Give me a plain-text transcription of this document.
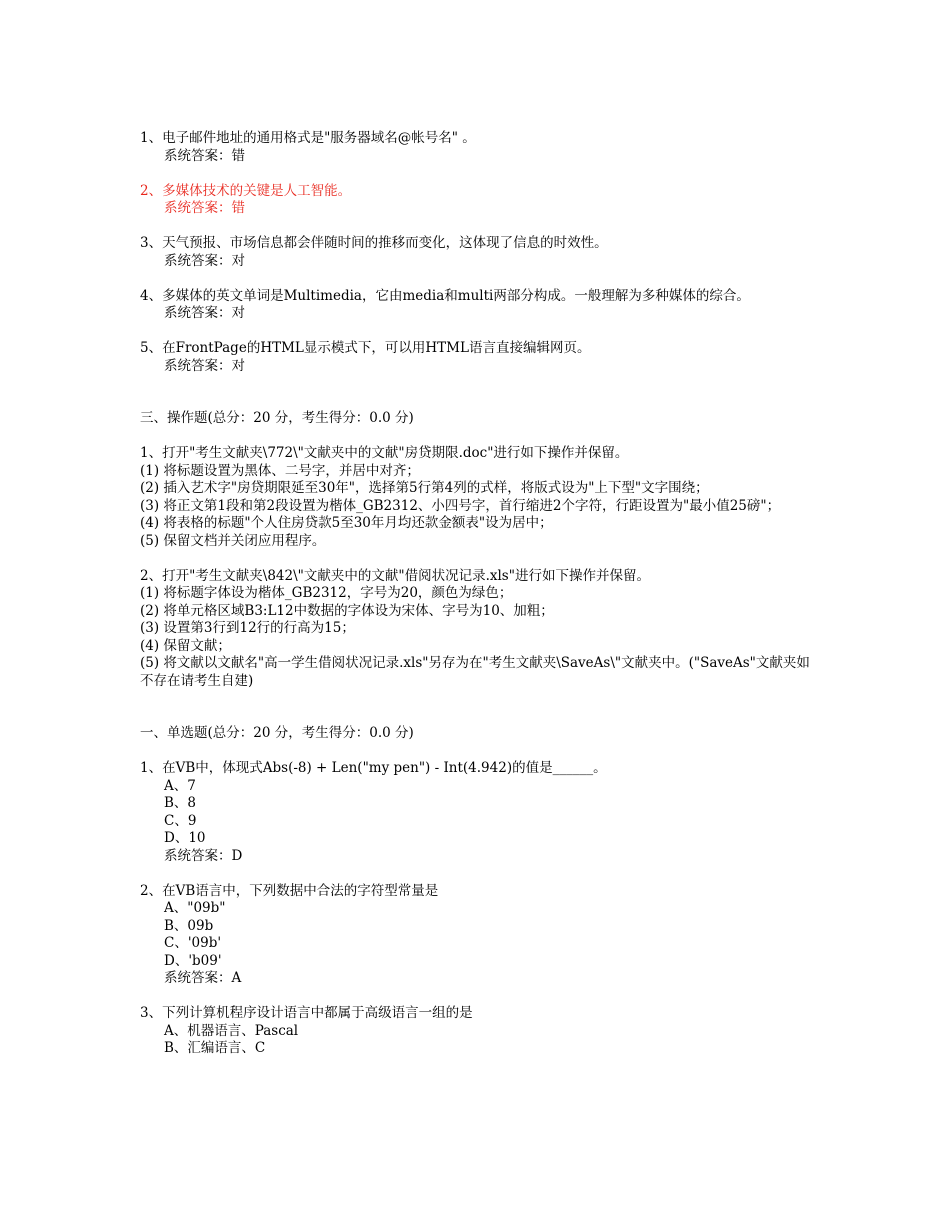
1、电子邮件地址的通用格式是"服务器域名@帐号名" 。

系统答案：错

2、多媒体技术的关键是人工智能。

系统答案：错

3、天气预报、市场信息都会伴随时间的推移而变化，这体现了信息的时效性。

系统答案：对

4、多媒体的英文单词是Multimedia，它由media和multi两部分构成。一般理解为多种媒体的综合。

系统答案：对

5、在FrontPage的HTML显示模式下，可以用HTML语言直接编辑网页。

系统答案：对

三、操作题(总分：20 分，考生得分：0.0 分)

1、打开"考生文献夹\772\"文献夹中的文献"房贷期限.doc"进行如下操作并保留。

(1) 将标题设置为黑体、二号字，并居中对齐；

(2) 插入艺术字"房贷期限延至30年"，选择第5行第4列的式样，将版式设为"上下型"文字围绕；

(3) 将正文第1段和第2段设置为楷体_GB2312、小四号字，首行缩进2个字符，行距设置为"最小值25磅"；

(4) 将表格的标题"个人住房贷款5至30年月均还款金额表"设为居中；

(5) 保留文档并关闭应用程序。

2、打开"考生文献夹\842\"文献夹中的文献"借阅状况记录.xls"进行如下操作并保留。

(1) 将标题字体设为楷体_GB2312，字号为20，颜色为绿色；

(2) 将单元格区域B3:L12中数据的字体设为宋体、字号为10、加粗；

(3) 设置第3行到12行的行高为15；

(4) 保留文献；

(5) 将文献以文献名"高一学生借阅状况记录.xls"另存为在"考生文献夹\SaveAs\"文献夹中。("SaveAs"文献夹如不存在请考生自建)

一、单选题(总分：20 分，考生得分：0.0 分)

1、在VB中，体现式Abs(-8) + Len("my pen") - Int(4.942)的值是______。

A、7

B、8

C、9

D、10

系统答案：D

2、在VB语言中，下列数据中合法的字符型常量是

A、"09b"

B、09b

C、'09b'

D、'b09'

系统答案：A

3、下列计算机程序设计语言中都属于高级语言一组的是

A、机器语言、Pascal

B、汇编语言、C
